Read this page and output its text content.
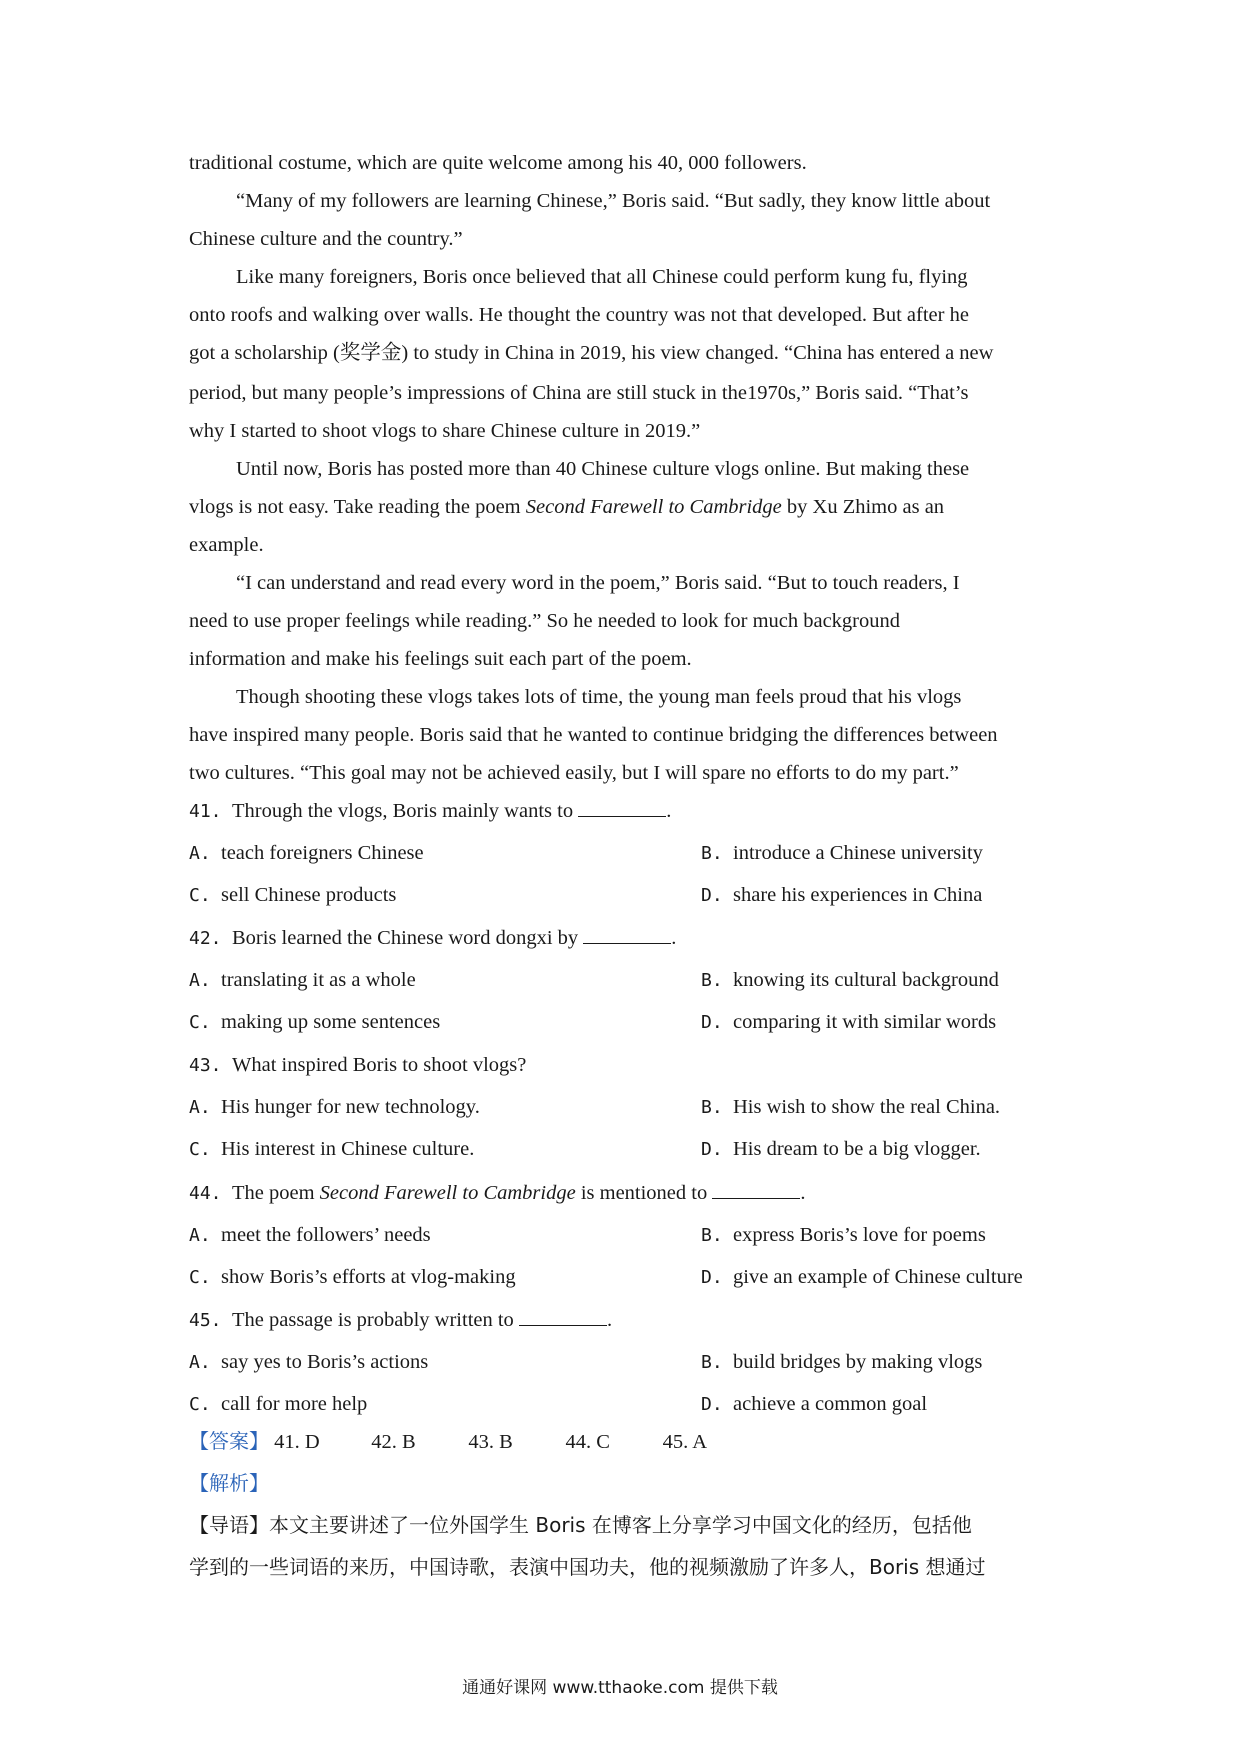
traditional costume, which are quite welcome among his 40, 000 followers.
“Many of my followers are learning Chinese,” Boris said. “But sadly, they know little about
Chinese culture and the country.”
Like many foreigners, Boris once believed that all Chinese could perform kung fu, flying
onto roofs and walking over walls. He thought the country was not that developed. But after he
got a scholarship (奖学金) to study in China in 2019, his view changed. “China has entered a new
period, but many people’s impressions of China are still stuck in the1970s,” Boris said. “That’s
why I started to shoot vlogs to share Chinese culture in 2019.”
Until now, Boris has posted more than 40 Chinese culture vlogs online. But making these
vlogs is not easy. Take reading the poem Second Farewell to Cambridge by Xu Zhimo as an
example.
“I can understand and read every word in the poem,” Boris said. “But to touch readers, I
need to use proper feelings while reading.” So he needed to look for much background
information and make his feelings suit each part of the poem.
Though shooting these vlogs takes lots of time, the young man feels proud that his vlogs
have inspired many people. Boris said that he wanted to continue bridging the differences between
two cultures. “This goal may not be achieved easily, but I will spare no efforts to do my part.”
41. Through the vlogs, Boris mainly wants to	.
A. teach foreigners Chinese	B. introduce a Chinese university
C. sell Chinese products	D. share his experiences in China
42. Boris learned the Chinese word dongxi by	.
A. translating it as a whole	B. knowing its cultural background
C. making up some sentences	D. comparing it with similar words
43. What inspired Boris to shoot vlogs?
A. His hunger for new technology.	B. His wish to show the real China.
C. His interest in Chinese culture.	D. His dream to be a big vlogger.
44. The poem Second Farewell to Cambridge is mentioned to	.
A. meet the followers’ needs	B. express Boris’s love for poems
C. show Boris’s efforts at vlog-making	D. give an example of Chinese culture
45. The passage is probably written to	.
A. say yes to Boris’s actions	B. build bridges by making vlogs
C. call for more help	D. achieve a common goal
【答案】 41. D	42. B	43. B	44. C	45. A
【解析】
【导语】本文主要讲述了一位外国学生 Boris 在博客上分享学习中国文化的经历，包括他
学到的一些词语的来历，中国诗歌，表演中国功夫，他的视频激励了许多人，Boris 想通过
通通好课网 www.tthaoke.com 提供下载
